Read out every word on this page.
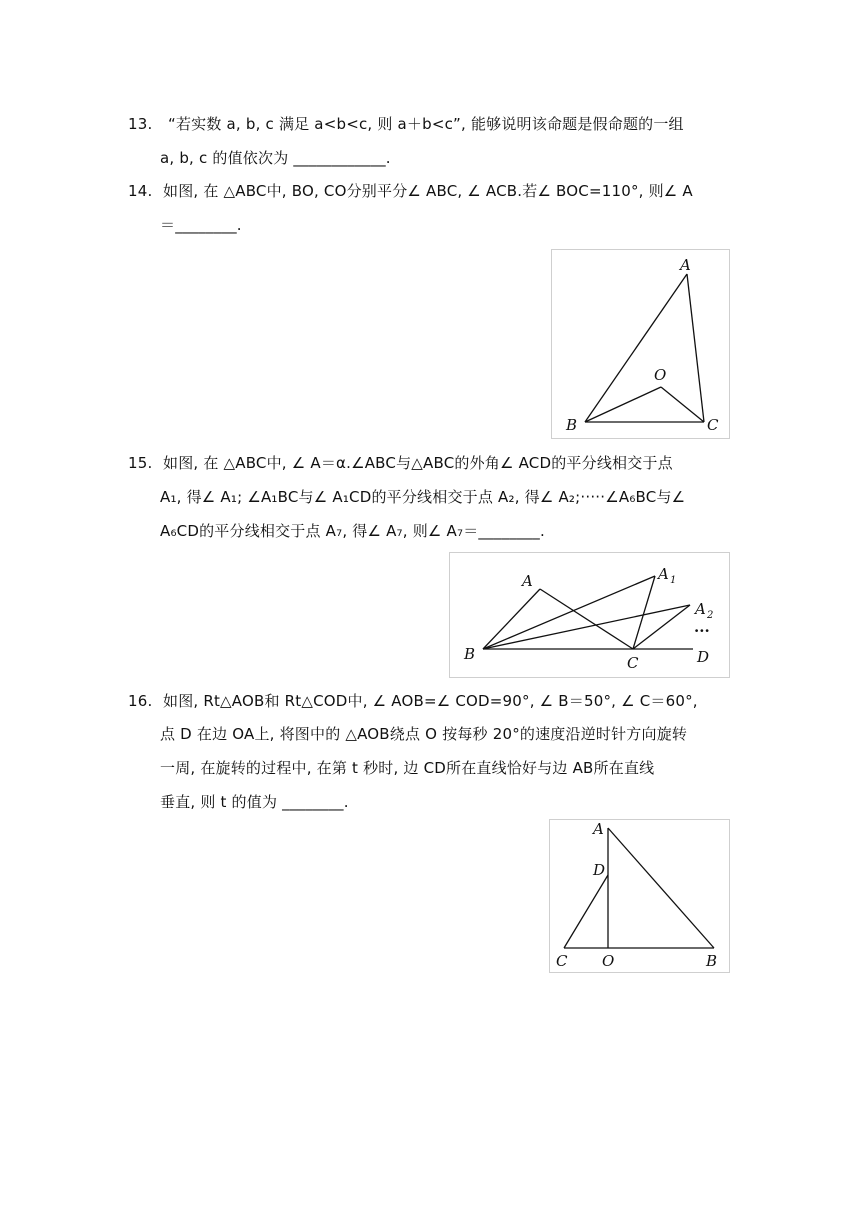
13. “若实数 a, b, c 满足 a<b<c, 则 a＋b<c”, 能够说明该命题是假命题的一组
a, b, c 的值依次为 ____________.
14. 如图, 在 △ABC中, BO, CO分别平分∠ ABC, ∠ ACB.若∠ BOC=110°, 则∠ A
＝________.
A
O
B	C
15. 如图, 在 △ABC中, ∠ A＝α.∠ABC与△ABC的外角∠ ACD的平分线相交于点
A₁, 得∠ A₁; ∠A₁BC与∠ A₁CD的平分线相交于点 A₂, 得∠ A₂;·····∠A₆BC与∠
A₆CD的平分线相交于点 A₇, 得∠ A₇, 则∠ A₇＝________.
A	A 1
A 2
···
B	C	D
16. 如图, Rt△AOB和 Rt△COD中, ∠ AOB=∠ COD=90°, ∠ B＝50°, ∠ C＝60°,
点 D 在边 OA上, 将图中的 △AOB绕点 O 按每秒 20°的速度沿逆时针方向旋转
一周, 在旋转的过程中, 在第 t 秒时, 边 CD所在直线恰好与边 AB所在直线
垂直, 则 t 的值为 ________.
A
D
C O	B
